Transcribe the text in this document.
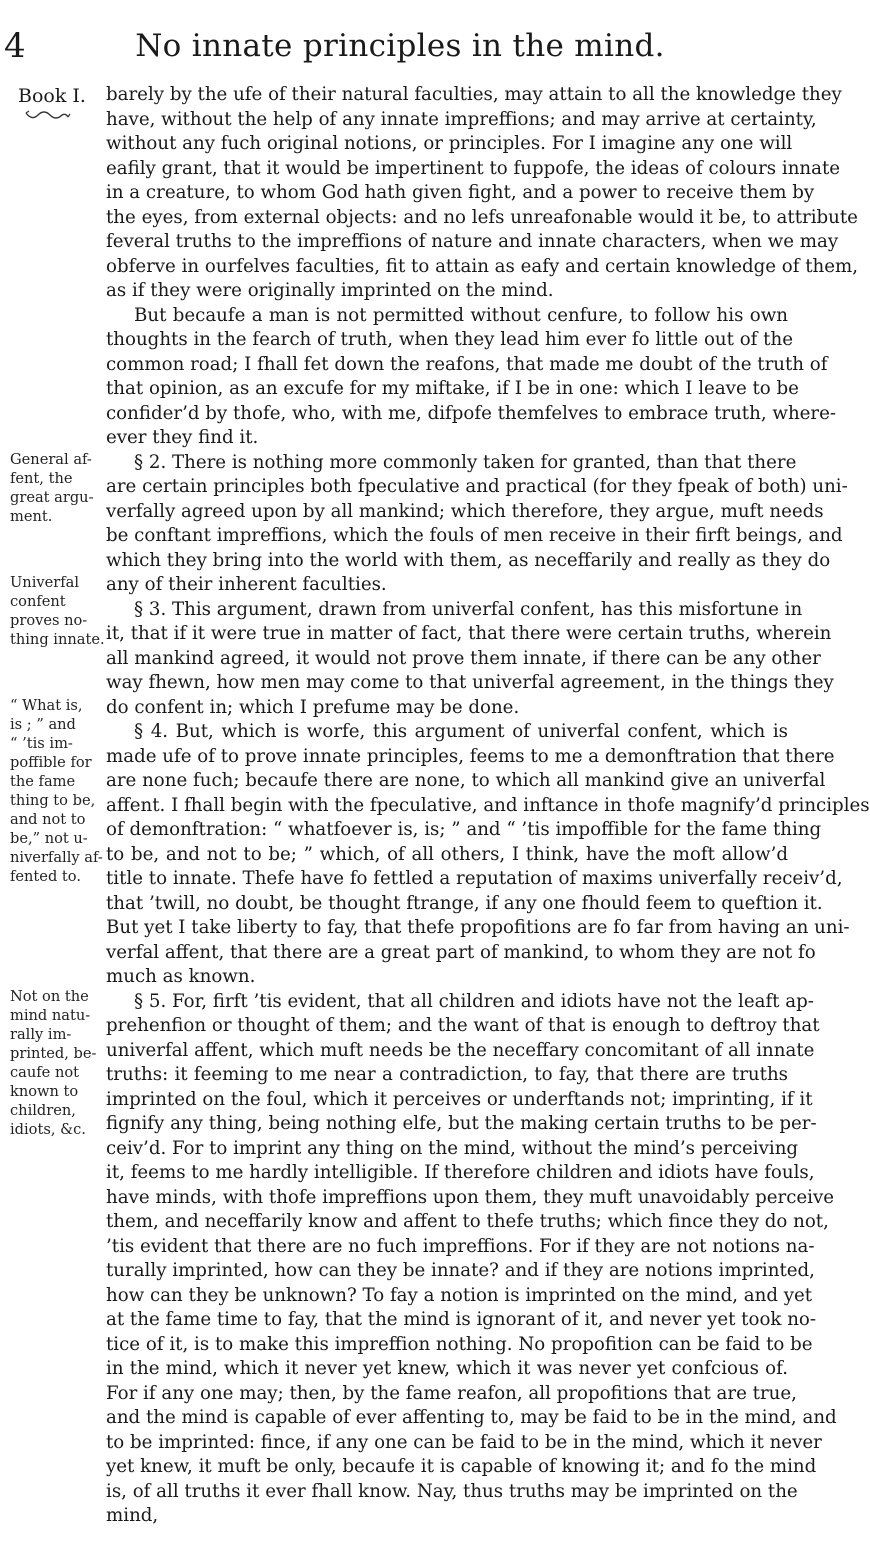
4	No innate principles in the mind.
Book I.
General af-
fent, the
great argu-
ment.
Univerfal
confent
proves no-
thing innate.
“ What is,
is ; ” and
“ ’tis im-
poffible for
the fame
thing to be,
and not to
be,” not u-
niverfally af-
fented to.
Not on the
mind natu-
rally im-
printed, be-
caufe not
known to
children,
idiots, &c.
barely by the ufe of their natural faculties, may attain to all the knowledge they
have, without the help of any innate impreffions; and may arrive at certainty,
without any fuch original notions, or principles. For I imagine any one will
eafily grant, that it would be impertinent to fuppofe, the ideas of colours innate
in a creature, to whom God hath given fight, and a power to receive them by
the eyes, from external objects: and no lefs unreafonable would it be, to attribute
feveral truths to the impreffions of nature and innate characters, when we may
obferve in ourfelves faculties, fit to attain as eafy and certain knowledge of them,
as if they were originally imprinted on the mind.
But becaufe a man is not permitted without cenfure, to follow his own
thoughts in the fearch of truth, when they lead him ever fo little out of the
common road; I fhall fet down the reafons, that made me doubt of the truth of
that opinion, as an excufe for my miftake, if I be in one: which I leave to be
confider’d by thofe, who, with me, difpofe themfelves to embrace truth, where-
ever they find it.
§ 2. There is nothing more commonly taken for granted, than that there
are certain principles both fpeculative and practical (for they fpeak of both) uni-
verfally agreed upon by all mankind; which therefore, they argue, muft needs
be conftant impreffions, which the fouls of men receive in their firft beings, and
which they bring into the world with them, as neceffarily and really as they do
any of their inherent faculties.
§ 3. This argument, drawn from univerfal confent, has this misfortune in
it, that if it were true in matter of fact, that there were certain truths, wherein
all mankind agreed, it would not prove them innate, if there can be any other
way fhewn, how men may come to that univerfal agreement, in the things they
do confent in; which I prefume may be done.
§ 4. But, which is worfe, this argument of univerfal confent, which is
made ufe of to prove innate principles, feems to me a demonftration that there
are none fuch; becaufe there are none, to which all mankind give an univerfal
affent. I fhall begin with the fpeculative, and inftance in thofe magnify’d principles
of demonftration: “ whatfoever is, is; ” and “ ’tis impoffible for the fame thing
to be, and not to be; ” which, of all others, I think, have the moft allow’d
title to innate. Thefe have fo fettled a reputation of maxims univerfally receiv’d,
that ’twill, no doubt, be thought ftrange, if any one fhould feem to queftion it.
But yet I take liberty to fay, that thefe propofitions are fo far from having an uni-
verfal affent, that there are a great part of mankind, to whom they are not fo
much as known.
§ 5. For, firft ’tis evident, that all children and idiots have not the leaft ap-
prehenfion or thought of them; and the want of that is enough to deftroy that
univerfal affent, which muft needs be the neceffary concomitant of all innate
truths: it feeming to me near a contradiction, to fay, that there are truths
imprinted on the foul, which it perceives or underftands not; imprinting, if it
fignify any thing, being nothing elfe, but the making certain truths to be per-
ceiv’d. For to imprint any thing on the mind, without the mind’s perceiving
it, feems to me hardly intelligible. If therefore children and idiots have fouls,
have minds, with thofe impreffions upon them, they muft unavoidably perceive
them, and neceffarily know and affent to thefe truths; which fince they do not,
’tis evident that there are no fuch impreffions. For if they are not notions na-
turally imprinted, how can they be innate? and if they are notions imprinted,
how can they be unknown? To fay a notion is imprinted on the mind, and yet
at the fame time to fay, that the mind is ignorant of it, and never yet took no-
tice of it, is to make this impreffion nothing. No propofition can be faid to be
in the mind, which it never yet knew, which it was never yet confcious of.
For if any one may; then, by the fame reafon, all propofitions that are true,
and the mind is capable of ever affenting to, may be faid to be in the mind, and
to be imprinted: fince, if any one can be faid to be in the mind, which it never
yet knew, it muft be only, becaufe it is capable of knowing it; and fo the mind
is, of all truths it ever fhall know. Nay, thus truths may be imprinted on the
mind,
